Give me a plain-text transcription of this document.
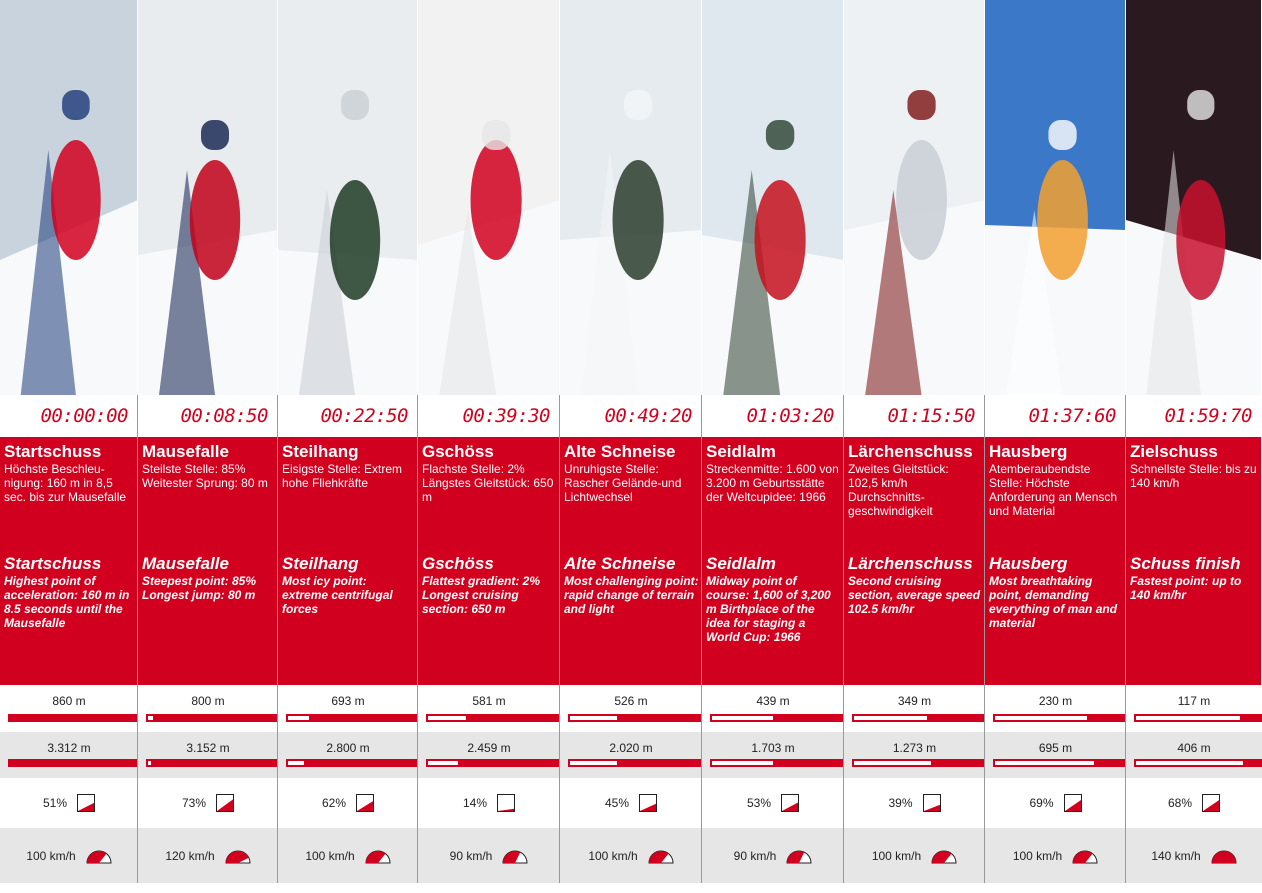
00:00:00
Startschuss
Höchste Beschleu-nigung: 160 m in 8,5 sec. bis zur Mausefalle
Startschuss
Highest point of acceleration: 160 m in 8.5 seconds until the Mausefalle
860 m
3.312 m
51%
100 km/h
00:08:50
Mausefalle
Steilste Stelle: 85% Weitester Sprung: 80 m
Mausefalle
Steepest point: 85% Longest jump: 80 m
800 m
3.152 m
73%
120 km/h
00:22:50
Steilhang
Eisigste Stelle: Extrem hohe Fliehkräfte
Steilhang
Most icy point: extreme centrifugal forces
693 m
2.800 m
62%
100 km/h
00:39:30
Gschöss
Flachste Stelle: 2% Längstes Gleitstück: 650 m
Gschöss
Flattest gradient: 2% Longest cruising section: 650 m
581 m
2.459 m
14%
90 km/h
00:49:20
Alte Schneise
Unruhigste Stelle: Rascher Gelände-und Lichtwechsel
Alte Schneise
Most challenging point: rapid change of terrain and light
526 m
2.020 m
45%
100 km/h
01:03:20
Seidlalm
Streckenmitte: 1.600 von 3.200 m Geburtsstätte der Weltcupidee: 1966
Seidlalm
Midway point of course: 1,600 of 3,200 m Birthplace of the idea for staging a World Cup: 1966
439 m
1.703 m
53%
90 km/h
01:15:50
Lärchenschuss
Zweites Gleitstück: 102,5 km/h Durchschnitts-geschwindigkeit
Lärchenschuss
Second cruising section, average speed 102.5 km/hr
349 m
1.273 m
39%
100 km/h
01:37:60
Hausberg
Atemberaubendste Stelle: Höchste Anforderung an Mensch und Material
Hausberg
Most breathtaking point, demanding everything of man and material
230 m
695 m
69%
100 km/h
01:59:70
Zielschuss
Schnellste Stelle: bis zu 140 km/h
Schuss finish
Fastest point: up to 140 km/hr
117 m
406 m
68%
140 km/h
